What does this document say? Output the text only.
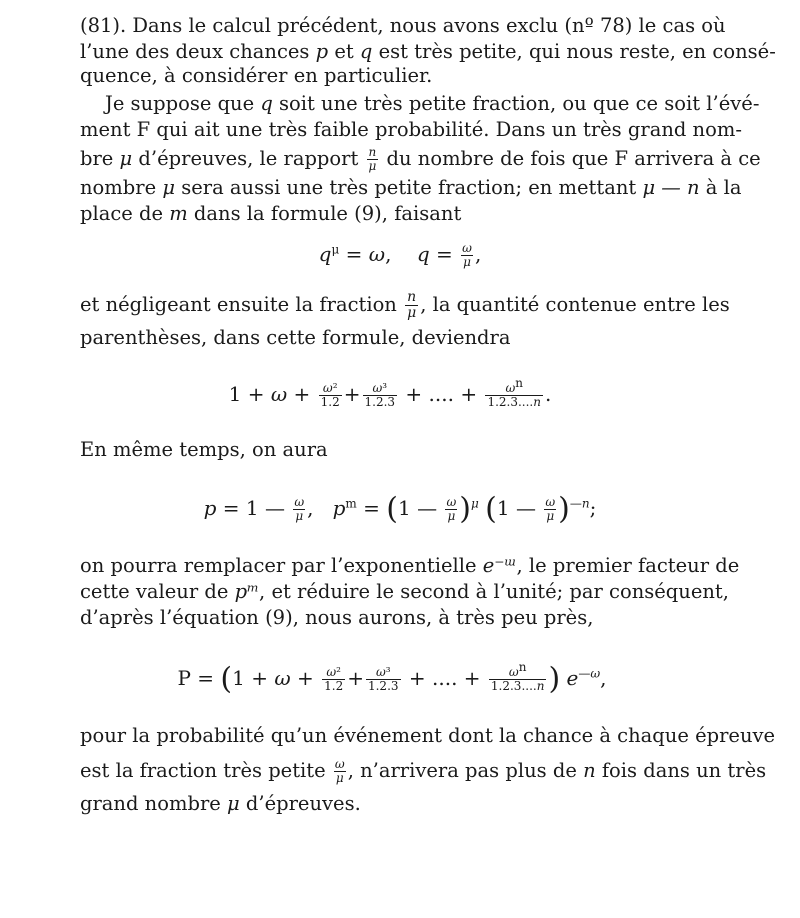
(81). Dans le calcul précédent, nous avons exclu (nº 78) le cas où
l’une des deux chances p et q est très petite, qui nous reste, en consé-
quence, à considérer en particulier.
Je suppose que q soit une très petite fraction, ou que ce soit l’évé-
ment F qui ait une très faible probabilité. Dans un très grand nom-
bre μ d’épreuves, le rapport $\frac{n}{\mu}$ du nombre de fois que F arrivera à ce
nombre μ sera aussi une très petite fraction; en mettant μ — n à la
place de m dans la formule (9), faisant
$q^\mu = \omega$,    $q = \frac{\omega}{\mu}$ ,
et négligeant ensuite la fraction $\frac{n}{\mu}$ , la quantité contenue entre les
parenthèses, dans cette formule, deviendra
$1 + \omega + \frac{\text{ω²}}{1.2} + \frac{\text{ω³}}{1.2.3}$ + .... + $\frac{\omega^n}{1.2.3....n}$ .
En même temps, on aura
p = 1 — $\frac{\omega}{\mu}$ ,   $p^m = (1$ — $\frac{\omega}{\mu} )^\mu$ (1 — $\frac{\omega}{\mu} )^{—n}$;
on pourra remplacer par l’exponentielle e⁻ᵚ, le premier facteur de
cette valeur de pᵐ, et réduire le second à l’unité; par conséquent,
d’après l’équation (9), nous aurons, à très peu près,
$P = (1 + \omega + \frac{\text{ω²}}{1.2} + \frac{\text{ω³}}{1.2.3}$ + .... + $\frac{\omega^n}{1.2.3....n}$ ) $e^{—\omega}$,
pour la probabilité qu’un événement dont la chance à chaque épreuve
est la fraction très petite $\frac{\omega}{\mu}$ , n’arrivera pas plus de n fois dans un très
grand nombre μ d’épreuves.
